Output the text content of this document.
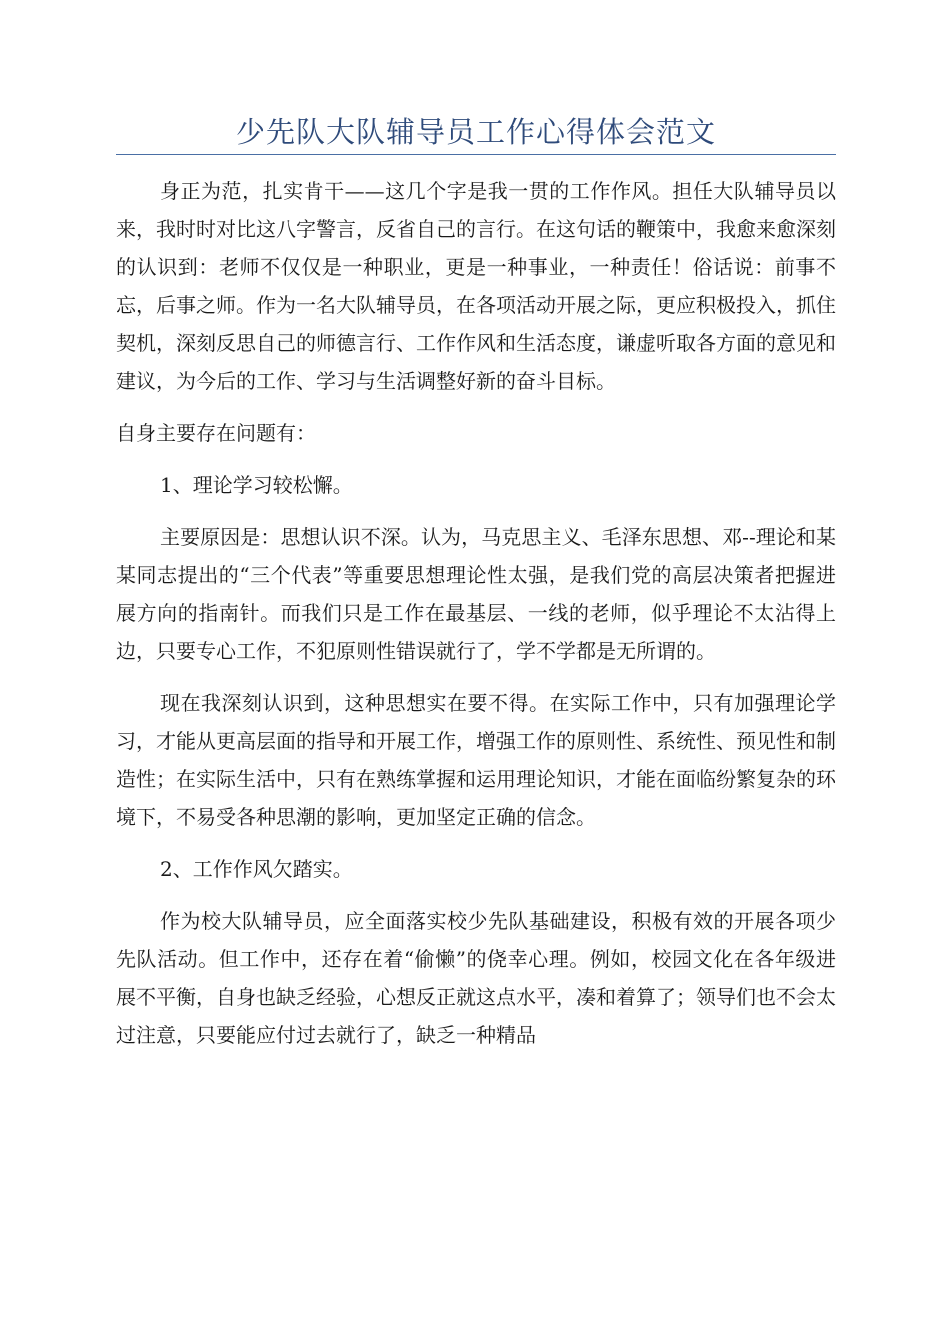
少先队大队辅导员工作心得体会范文

身正为范，扎实肯干——这几个字是我一贯的工作作风。担任大队辅导员以来，我时时对比这八字警言，反省自己的言行。在这句话的鞭策中，我愈来愈深刻的认识到：老师不仅仅是一种职业，更是一种事业，一种责任！俗话说：前事不忘，后事之师。作为一名大队辅导员，在各项活动开展之际，更应积极投入，抓住契机，深刻反思自己的师德言行、工作作风和生活态度，谦虚听取各方面的意见和建议，为今后的工作、学习与生活调整好新的奋斗目标。

自身主要存在问题有：

1、理论学习较松懈。

主要原因是：思想认识不深。认为，马克思主义、毛泽东思想、邓--理论和某某同志提出的“三个代表”等重要思想理论性太强，是我们党的高层决策者把握进展方向的指南针。而我们只是工作在最基层、一线的老师，似乎理论不太沾得上边，只要专心工作，不犯原则性错误就行了，学不学都是无所谓的。

现在我深刻认识到，这种思想实在要不得。在实际工作中，只有加强理论学习，才能从更高层面的指导和开展工作，增强工作的原则性、系统性、预见性和制造性；在实际生活中，只有在熟练掌握和运用理论知识，才能在面临纷繁复杂的环境下，不易受各种思潮的影响，更加坚定正确的信念。

2、工作作风欠踏实。

作为校大队辅导员，应全面落实校少先队基础建设，积极有效的开展各项少先队活动。但工作中，还存在着“偷懒”的侥幸心理。例如，校园文化在各年级进展不平衡，自身也缺乏经验，心想反正就这点水平，凑和着算了；领导们也不会太过注意，只要能应付过去就行了，缺乏一种精品
